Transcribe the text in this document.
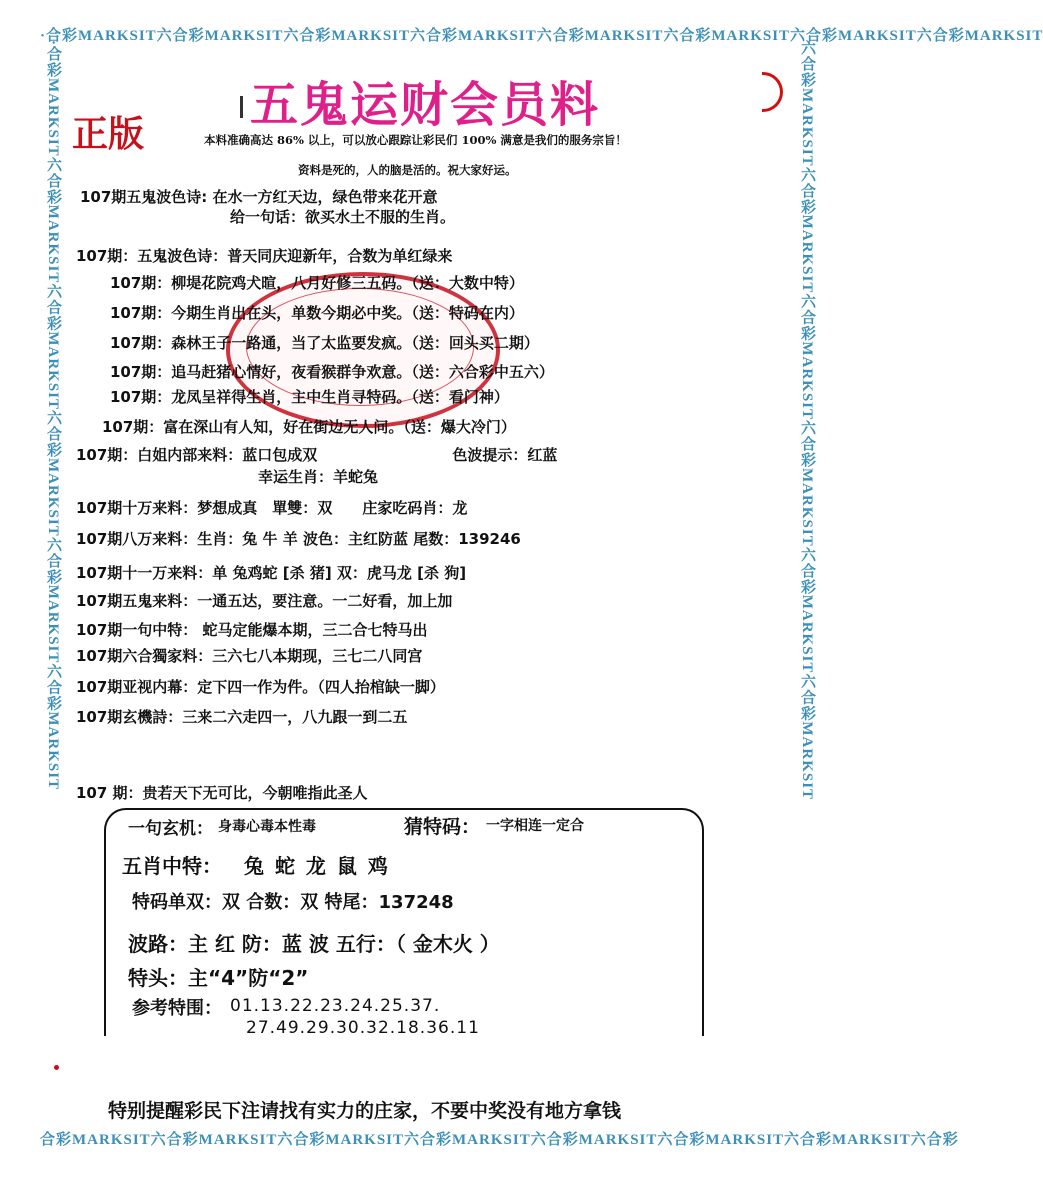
·合彩MARKSIT六合彩MARKSIT六合彩MARKSIT六合彩MARKSIT六合彩MARKSIT六合彩MARKSIT六合彩MARKSIT六合彩MARKSIT
合彩MARKSIT六合彩MARKSIT六合彩MARKSIT六合彩MARKSIT六合彩MARKSIT六合彩MARKSIT六合彩MARKSIT六合彩
·合彩MARKSIT六合彩MARKSIT六合彩MARKSIT六合彩MARKSIT六合彩MARKSIT六合彩MARKSIT	六合彩MARKSIT六合彩MARKSIT六合彩MARKSIT六合彩MARKSIT六合彩MARKSIT六合彩MARKSIT
五鬼运财会员料
正版	本料准确高达 86% 以上，可以放心跟踪让彩民们 100% 满意是我们的服务宗旨！
资料是死的，人的脑是活的。祝大家好运。
107期五鬼波色诗: 在水一方红天边，绿色带来花开意
给一句话：欲买水土不服的生肖。
107期：五鬼波色诗：普天同庆迎新年，合数为单红绿来
107期：柳堤花院鸡犬暄，八月好修三五码。（送：大数中特）
107期：今期生肖出在头，单数今期必中奖。（送：特码在内）
107期：森林王子一路通，当了太监要发疯。（送：回头买二期）
107期：追马赶猪心情好，夜看猴群争欢意。（送：六合彩中五六）
107期：龙凤呈祥得生肖，主中生肖寻特码。（送：看门神）
107期：富在深山有人知，好在街边无人问。（送：爆大冷门）
107期：白姐内部来料：蓝口包成双　　　　　　　　　色波提示：红蓝
幸运生肖：羊蛇兔
107期十万来料：梦想成真　單雙：双　　庄家吃码肖：龙
107期八万来料：生肖：兔 牛 羊 波色：主红防蓝 尾数：139246
107期十一万来料：单 兔鸡蛇 [杀 猪] 双：虎马龙 [杀 狗]
107期五鬼来料：一通五达，要注意。一二好看，加上加
107期一句中特： 蛇马定能爆本期，三二合七特马出
107期六合獨家料：三六七八本期现，三七二八同宫
107期亚视内幕：定下四一作为件。（四人抬棺缺一脚）
107期玄機詩：三来二六走四一，八九跟一到二五
107 期：贵若天下无可比，今朝唯指此圣人
一句玄机： 身毒心毒本性毒	猜特码： 一字相连一定合
五肖中特： 兔 蛇 龙 鼠 鸡
特码单双：双 合数：双 特尾：137248
波路：主 红 防：蓝 波 五行：（ 金木火 ）
特头：主“4”防“2”
参考特围： 01.13.22.23.24.25.37.
27.49.29.30.32.18.36.11
特别提醒彩民下注请找有实力的庄家，不要中奖没有地方拿钱
